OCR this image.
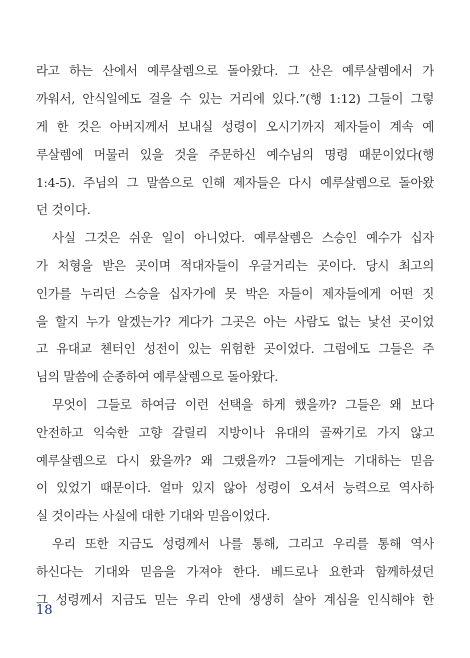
라고 하는 산에서 예루살렘으로 돌아왔다. 그 산은 예루살렘에서 가
까워서, 안식일에도 걸을 수 있는 거리에 있다.”(행 1:12) 그들이 그렇
게 한 것은 아버지께서 보내실 성령이 오시기까지 제자들이 계속 예
루살렘에 머물러 있을 것을 주문하신 예수님의 명령 때문이었다(행
1:4-5). 주님의 그 말씀으로 인해 제자들은 다시 예루살렘으로 돌아왔
던 것이다.
사실 그것은 쉬운 일이 아니었다. 예루살렘은 스승인 예수가 십자
가 처형을 받은 곳이며 적대자들이 우글거리는 곳이다. 당시 최고의
인가를 누리던 스승을 십자가에 못 박은 자들이 제자들에게 어떤 짓
을 할지 누가 알겠는가? 게다가 그곳은 아는 사람도 없는 낯선 곳이었
고 유대교 첸터인 성전이 있는 위험한 곳이었다. 그럼에도 그들은 주
님의 말씀에 순종하여 예루살렘으로 돌아왔다.
무엇이 그들로 하여금 이런 선택을 하게 했을까? 그들은 왜 보다
안전하고 익숙한 고향 갈릴리 지방이나 유대의 골짜기로 가지 않고
예루살렘으로 다시 왔을까? 왜 그랬을까? 그들에게는 기대하는 믿음
이 있었기 때문이다. 얼마 있지 않아 성령이 오셔서 능력으로 역사하
실 것이라는 사실에 대한 기대와 믿음이었다.
우리 또한 지금도 성령께서 나를 통해, 그리고 우리를 통해 역사
하신다는 기대와 믿음을 가져야 한다. 베드로나 요한과 함께하셨던
그 성령께서 지금도 믿는 우리 안에 생생히 살아 계심을 인식해야 한
18
